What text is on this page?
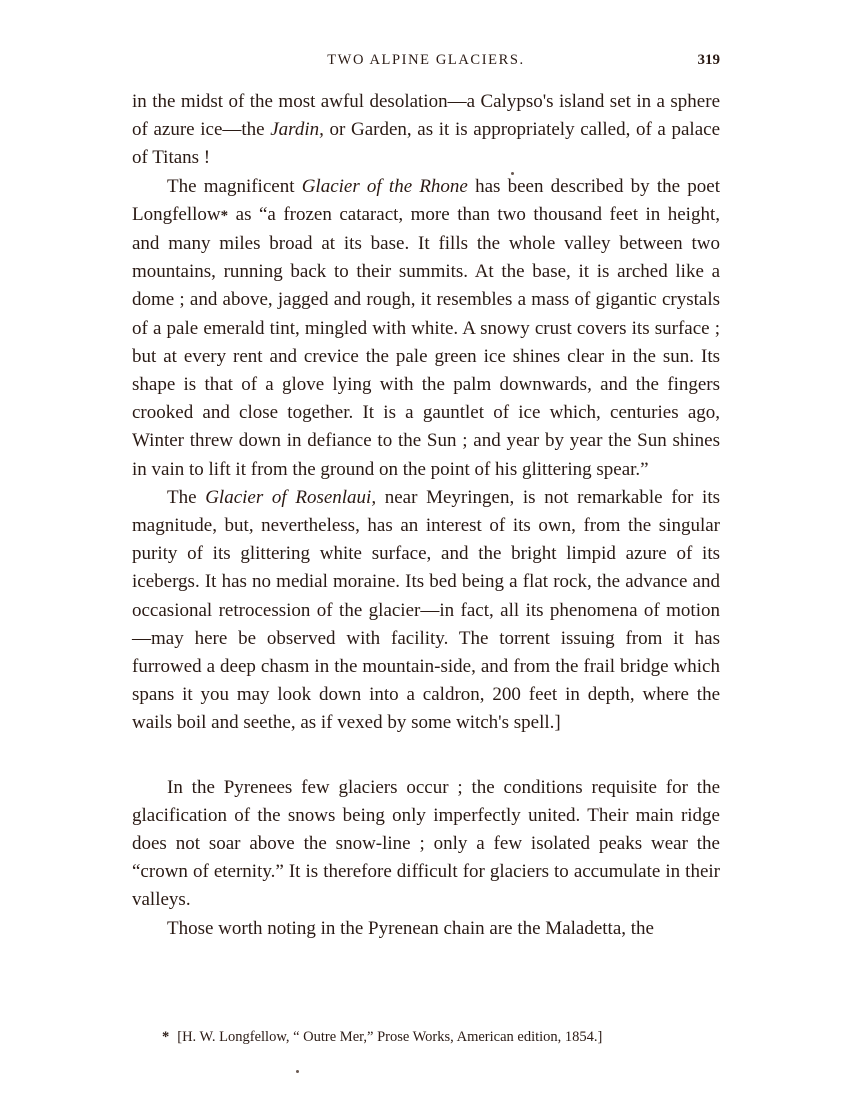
TWO ALPINE GLACIERS.	319

in the midst of the most awful desolation—a Calypso's island set in a sphere of azure ice—the Jardin, or Garden, as it is appropriately called, of a palace of Titans !

The magnificent Glacier of the Rhone has been described by the poet Longfellow* as “a frozen cataract, more than two thousand feet in height, and many miles broad at its base. It fills the whole valley between two mountains, running back to their summits. At the base, it is arched like a dome ; and above, jagged and rough, it resembles a mass of gigantic crystals of a pale emerald tint, mingled with white. A snowy crust covers its surface ; but at every rent and crevice the pale green ice shines clear in the sun. Its shape is that of a glove lying with the palm downwards, and the fingers crooked and close together. It is a gauntlet of ice which, centuries ago, Winter threw down in defiance to the Sun ; and year by year the Sun shines in vain to lift it from the ground on the point of his glittering spear.”

The Glacier of Rosenlaui, near Meyringen, is not remarkable for its magnitude, but, nevertheless, has an interest of its own, from the singular purity of its glittering white surface, and the bright limpid azure of its icebergs. It has no medial moraine. Its bed being a flat rock, the advance and occasional retrocession of the glacier—in fact, all its phenomena of motion—may here be observed with facility. The torrent issuing from it has furrowed a deep chasm in the mountain-side, and from the frail bridge which spans it you may look down into a caldron, 200 feet in depth, where the wails boil and seethe, as if vexed by some witch's spell.]

In the Pyrenees few glaciers occur ; the conditions requisite for the glacification of the snows being only imperfectly united. Their main ridge does not soar above the snow-line ; only a few isolated peaks wear the “crown of eternity.” It is therefore difficult for glaciers to accumulate in their valleys.

Those worth noting in the Pyrenean chain are the Maladetta, the

* [H. W. Longfellow, “ Outre Mer,” Prose Works, American edition, 1854.]
